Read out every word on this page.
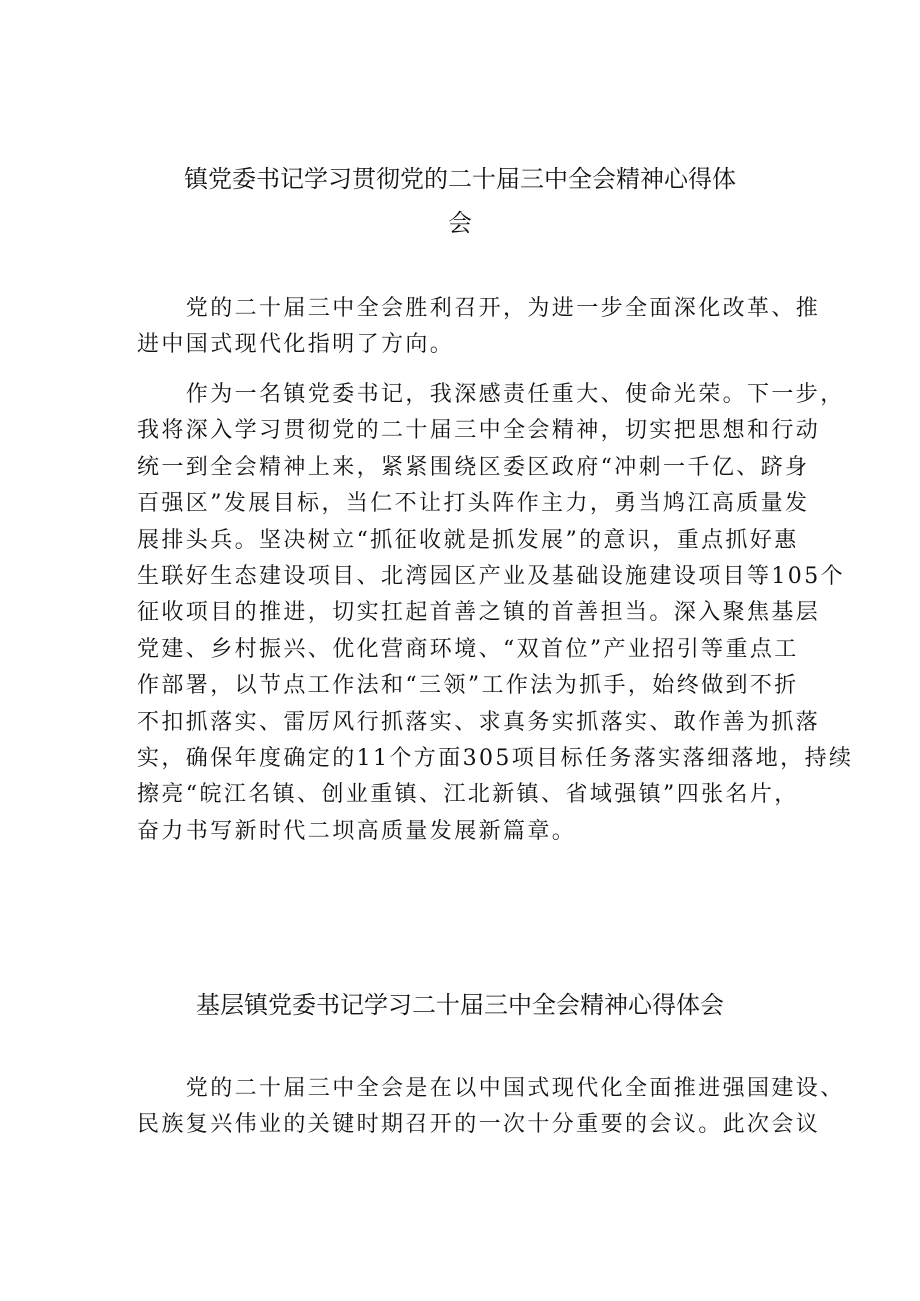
镇党委书记学习贯彻党的二十届三中全会精神心得体
会

　　党的二十届三中全会胜利召开，为进一步全面深化改革、推
进中国式现代化指明了方向。

　　作为一名镇党委书记，我深感责任重大、使命光荣。下一步，
我将深入学习贯彻党的二十届三中全会精神，切实把思想和行动
统一到全会精神上来，紧紧围绕区委区政府“冲刺一千亿、跻身
百强区”发展目标，当仁不让打头阵作主力，勇当鸠江高质量发
展排头兵。坚决树立“抓征收就是抓发展”的意识，重点抓好惠
生联好生态建设项目、北湾园区产业及基础设施建设项目等105个
征收项目的推进，切实扛起首善之镇的首善担当。深入聚焦基层
党建、乡村振兴、优化营商环境、“双首位”产业招引等重点工
作部署，以节点工作法和“三领”工作法为抓手，始终做到不折
不扣抓落实、雷厉风行抓落实、求真务实抓落实、敢作善为抓落
实，确保年度确定的11个方面305项目标任务落实落细落地，持续
擦亮“皖江名镇、创业重镇、江北新镇、省域强镇”四张名片，
奋力书写新时代二坝高质量发展新篇章。

基层镇党委书记学习二十届三中全会精神心得体会

　　党的二十届三中全会是在以中国式现代化全面推进强国建设、
民族复兴伟业的关键时期召开的一次十分重要的会议。此次会议
